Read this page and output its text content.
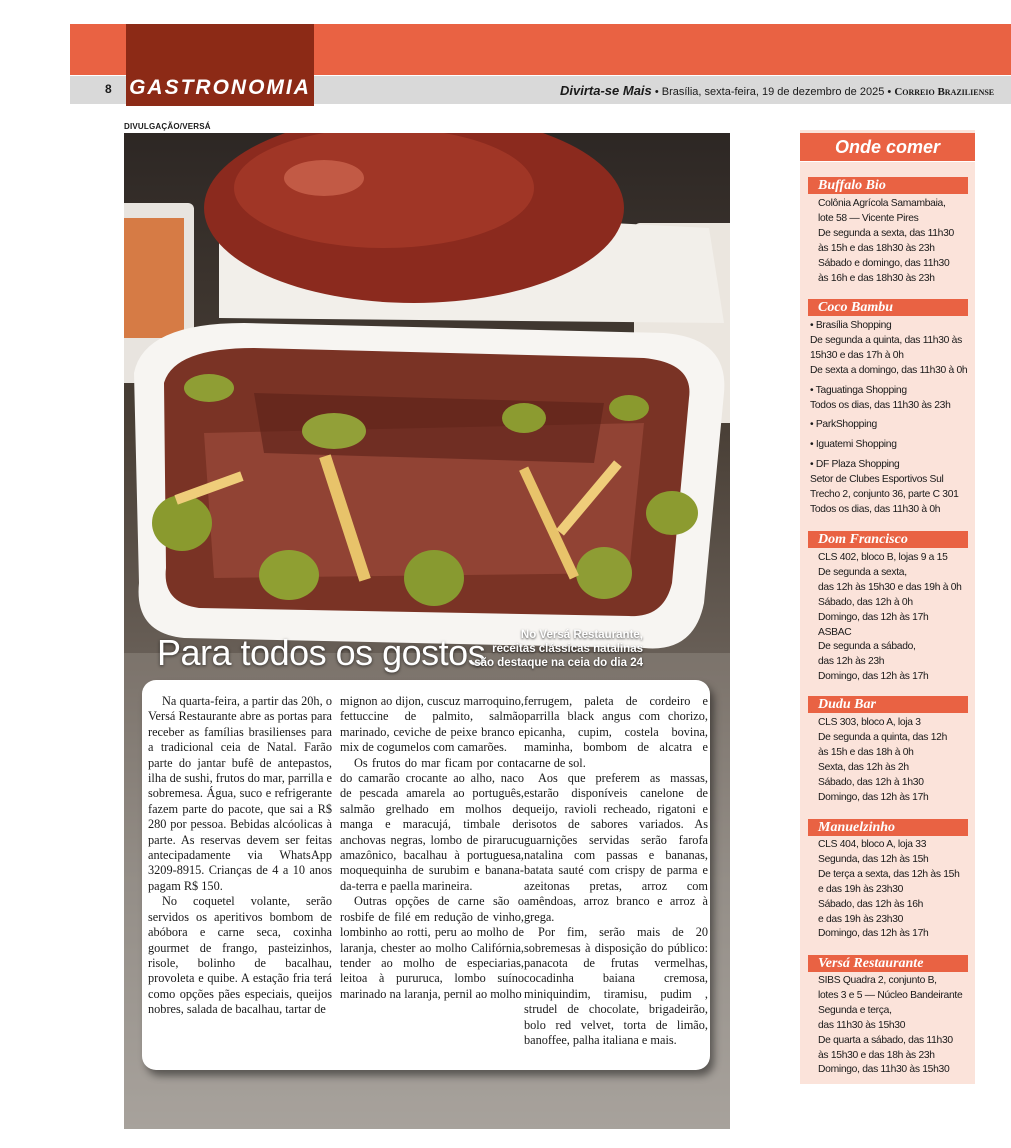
8 GASTRONOMIA	Divirta-se Mais • Brasília, sexta-feira, 19 de dezembro de 2025 • Correio Braziliense
DIVULGAÇÃO/VERSÁ
Para todos os gostos	No Versá Restaurante,
receitas clássicas natalinas
são destaque na ceia do dia 24

Na quarta-feira, a partir das 20h, o Versá Restaurante abre as portas para receber as famílias brasilienses para a tradicional ceia de Natal. Farão parte do jantar bufê de antepastos, ilha de sushi, frutos do mar, parrilla e sobremesa. Água, suco e refrigerante fazem parte do pacote, que sai a R$ 280 por pessoa. Bebidas alcóolicas à parte. As reservas devem ser feitas antecipadamente via WhatsApp 3209-8915. Crianças de 4 a 10 anos pagam R$ 150.

No coquetel volante, serão servidos os aperitivos bombom de abóbora e carne seca, coxinha gourmet de frango, pasteizinhos, risole, bolinho de bacalhau, provoleta e quibe. A estação fria terá como opções pães especiais, queijos nobres, salada de bacalhau, tartar de

mignon ao dijon, cuscuz marroquino, fettuccine de palmito, salmão marinado, ceviche de peixe branco e mix de cogumelos com camarões.

Os frutos do mar ficam por conta do camarão crocante ao alho, naco de pescada amarela ao português, salmão grelhado em molhos de manga e maracujá, timbale de anchovas negras, lombo de pirarucu amazônico, bacalhau à portuguesa, moquequinha de surubim e banana-da-terra e paella marineira.

Outras opções de carne são o rosbife de filé em redução de vinho, lombinho ao rotti, peru ao molho de laranja, chester ao molho Califórnia, tender ao molho de especiarias, leitoa à pururuca, lombo suíno marinado na laranja, pernil ao molho

ferrugem, paleta de cordeiro e parrilla black angus com chorizo, picanha, cupim, costela bovina, maminha, bombom de alcatra e carne de sol.

Aos que preferem as massas, estarão disponíveis canelone de queijo, ravioli recheado, rigatoni e risotos de sabores variados. As guarnições servidas serão farofa natalina com passas e bananas, batata sauté com crispy de parma e azeitonas pretas, arroz com amêndoas, arroz branco e arroz à grega.

Por fim, serão mais de 20 sobremesas à disposição do público: panacota de frutas vermelhas, cocadinha baiana cremosa, miniquindim, tiramisu, pudim , strudel de chocolate, brigadeirão, bolo red velvet, torta de limão, banoffee, palha italiana e mais.

Onde comer
Buffalo Bio
Colônia Agrícola Samambaia,
lote 58 — Vicente Pires
De segunda a sexta, das 11h30
às 15h e das 18h30 às 23h
Sábado e domingo, das 11h30
às 16h e das 18h30 às 23h
Coco Bambu
• Brasília Shopping
De segunda a quinta, das 11h30 às
15h30 e das 17h à 0h
De sexta a domingo, das 11h30 à 0h
• Taguatinga Shopping
Todos os dias, das 11h30 às 23h
• ParkShopping
• Iguatemi Shopping
• DF Plaza Shopping
Setor de Clubes Esportivos Sul
Trecho 2, conjunto 36, parte C 301
Todos os dias, das 11h30 à 0h
Dom Francisco
CLS 402, bloco B, lojas 9 a 15
De segunda a sexta,
das 12h às 15h30 e das 19h à 0h
Sábado, das 12h à 0h
Domingo, das 12h às 17h
ASBAC
De segunda a sábado,
das 12h às 23h
Domingo, das 12h às 17h
Dudu Bar
CLS 303, bloco A, loja 3
De segunda a quinta, das 12h
às 15h e das 18h à 0h
Sexta, das 12h às 2h
Sábado, das 12h à 1h30
Domingo, das 12h às 17h
Manuelzinho
CLS 404, bloco A, loja 33
Segunda, das 12h às 15h
De terça a sexta, das 12h às 15h
e das 19h às 23h30
Sábado, das 12h às 16h
e das 19h às 23h30
Domingo, das 12h às 17h
Versá Restaurante
SIBS Quadra 2, conjunto B,
lotes 3 e 5 — Núcleo Bandeirante
Segunda e terça,
das 11h30 às 15h30
De quarta a sábado, das 11h30
às 15h30 e das 18h às 23h
Domingo, das 11h30 às 15h30
